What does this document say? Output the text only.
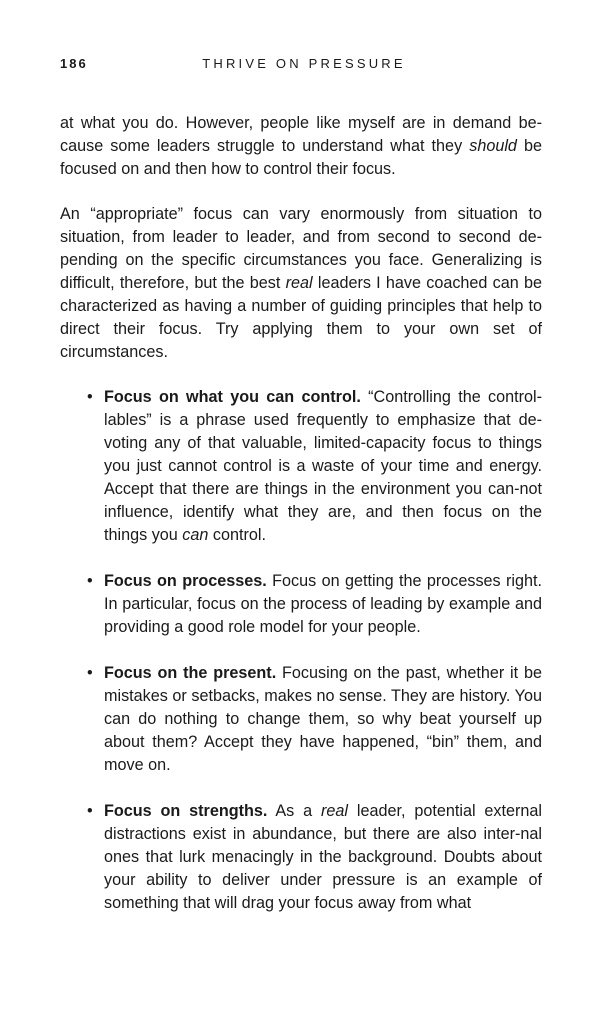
186	THRIVE ON PRESSURE

at what you do. However, people like myself are in demand be-cause some leaders struggle to understand what they should be focused on and then how to control their focus.

An “appropriate” focus can vary enormously from situation to situation, from leader to leader, and from second to second de-pending on the specific circumstances you face. Generalizing is difficult, therefore, but the best real leaders I have coached can be characterized as having a number of guiding principles that help to direct their focus. Try applying them to your own set of circumstances.

• Focus on what you can control. “Controlling the control-lables” is a phrase used frequently to emphasize that de-voting any of that valuable, limited-capacity focus to things you just cannot control is a waste of your time and energy. Accept that there are things in the environment you can-not influence, identify what they are, and then focus on the things you can control.
• Focus on processes. Focus on getting the processes right. In particular, focus on the process of leading by example and providing a good role model for your people.
• Focus on the present. Focusing on the past, whether it be mistakes or setbacks, makes no sense. They are history. You can do nothing to change them, so why beat yourself up about them? Accept they have happened, “bin” them, and move on.
• Focus on strengths. As a real leader, potential external distractions exist in abundance, but there are also inter-nal ones that lurk menacingly in the background. Doubts about your ability to deliver under pressure is an example of something that will drag your focus away from what
